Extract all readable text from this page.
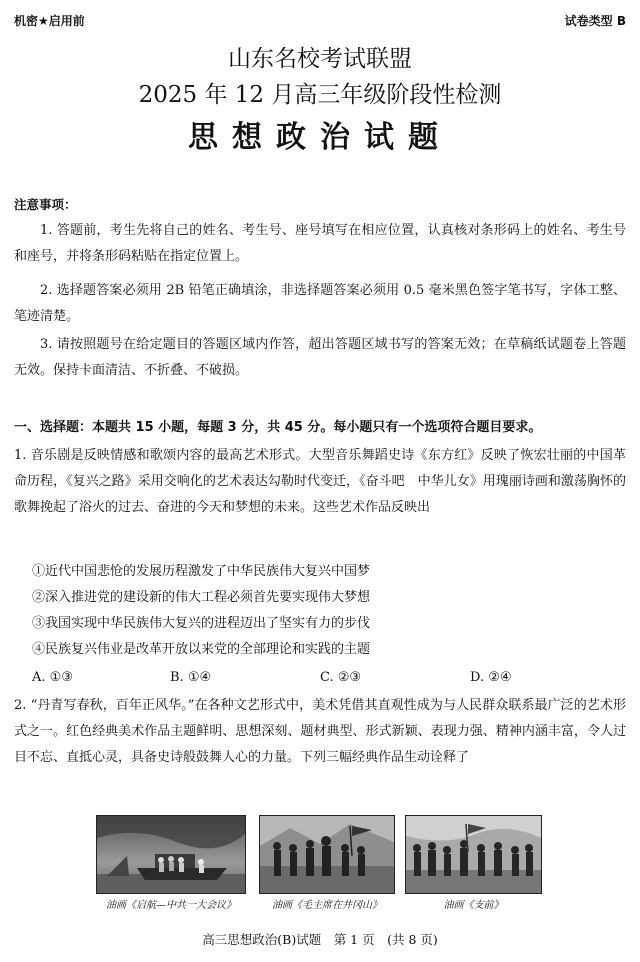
机密★启用前	试卷类型 B
山东名校考试联盟
2025 年 12 月高三年级阶段性检测
思想政治试题
注意事项：

1. 答题前，考生先将自己的姓名、考生号、座号填写在相应位置，认真核对条形码上的姓名、考生号和座号，并将条形码粘贴在指定位置上。

2. 选择题答案必须用 2B 铅笔正确填涂，非选择题答案必须用 0.5 毫米黑色签字笔书写，字体工整、笔迹清楚。

3. 请按照题号在给定题目的答题区域内作答，超出答题区域书写的答案无效；在草稿纸试题卷上答题无效。保持卡面清洁、不折叠、不破损。

一、选择题：本题共 15 小题，每题 3 分，共 45 分。每小题只有一个选项符合题目要求。

1. 音乐剧是反映情感和歌颂内容的最高艺术形式。大型音乐舞蹈史诗《东方红》反映了恢宏壮丽的中国革命历程，《复兴之路》采用交响化的艺术表达勾勒时代变迁，《奋斗吧　中华儿女》用瑰丽诗画和激荡胸怀的歌舞挽起了浴火的过去、奋进的今天和梦想的未来。这些艺术作品反映出

①近代中国悲怆的发展历程激发了中华民族伟大复兴中国梦
②深入推进党的建设新的伟大工程必须首先要实现伟大梦想
③我国实现中华民族伟大复兴的进程迈出了坚实有力的步伐
④民族复兴伟业是改革开放以来党的全部理论和实践的主题
A. ①③	B. ①④	C. ②③	D. ②④

2. “丹青写春秋，百年正风华。”在各种文艺形式中，美术凭借其直观性成为与人民群众联系最广泛的艺术形式之一。红色经典美术作品主题鲜明、思想深刻、题材典型、形式新颖、表现力强、精神内涵丰富，令人过目不忘、直抵心灵，具备史诗般鼓舞人心的力量。下列三幅经典作品生动诠释了

油画《启航—中共一大会议》	油画《毛主席在井冈山》	油画《支前》
高三思想政治(B)试题　第 1 页　(共 8 页)
